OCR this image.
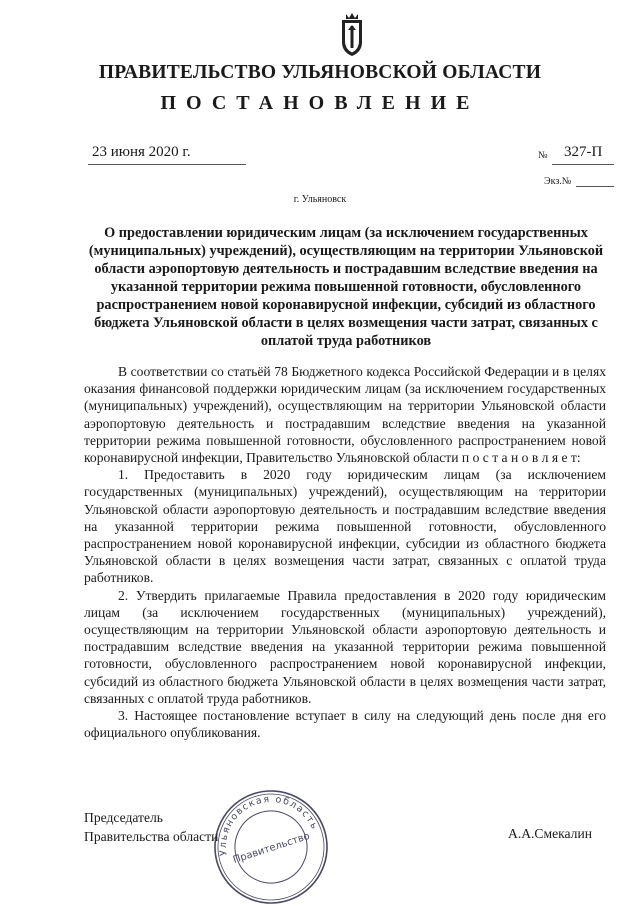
ПРАВИТЕЛЬСТВО УЛЬЯНОВСКОЙ ОБЛАСТИ
ПОСТАНОВЛЕНИЕ
23 июня 2020 г.	№ 327-П
Экз.№
г. Ульяновск
О предоставлении юридическим лицам (за исключением государственных (муниципальных) учреждений), осуществляющим на территории Ульяновской области аэропортовую деятельность и пострадавшим вследствие введения на указанной территории режима повышенной готовности, обусловленного распространением новой коронавирусной инфекции, субсидий из областного бюджета Ульяновской области в целях возмещения части затрат, связанных с оплатой труда работников

В соответствии со статьёй 78 Бюджетного кодекса Российской Федерации и в целях оказания финансовой поддержки юридическим лицам (за исключением государственных (муниципальных) учреждений), осуществляющим на территории Ульяновской области аэропортовую деятельность и пострадавшим вследствие введения на указанной территории режима повышенной готовности, обусловленного распространением новой коронавирусной инфекции, Правительство Ульяновской области п о с т а н о в л я е т:

1. Предоставить в 2020 году юридическим лицам (за исключением государственных (муниципальных) учреждений), осуществляющим на территории Ульяновской области аэропортовую деятельность и пострадавшим вследствие введения на указанной территории режима повышенной готовности, обусловленного распространением новой коронавирусной инфекции, субсидии из областного бюджета Ульяновской области в целях возмещения части затрат, связанных с оплатой труда работников.

2. Утвердить прилагаемые Правила предоставления в 2020 году юридическим лицам (за исключением государственных (муниципальных) учреждений), осуществляющим на территории Ульяновской области аэропортовую деятельность и пострадавшим вследствие введения на указанной территории режима повышенной готовности, обусловленного распространением новой коронавирусной инфекции, субсидий из областного бюджета Ульяновской области в целях возмещения части затрат, связанных с оплатой труда работников.

3. Настоящее постановление вступает в силу на следующий день после дня его официального опубликования.

Председатель
Правительства области	А.А.Смекалин
Ульяновская область
Правительство
